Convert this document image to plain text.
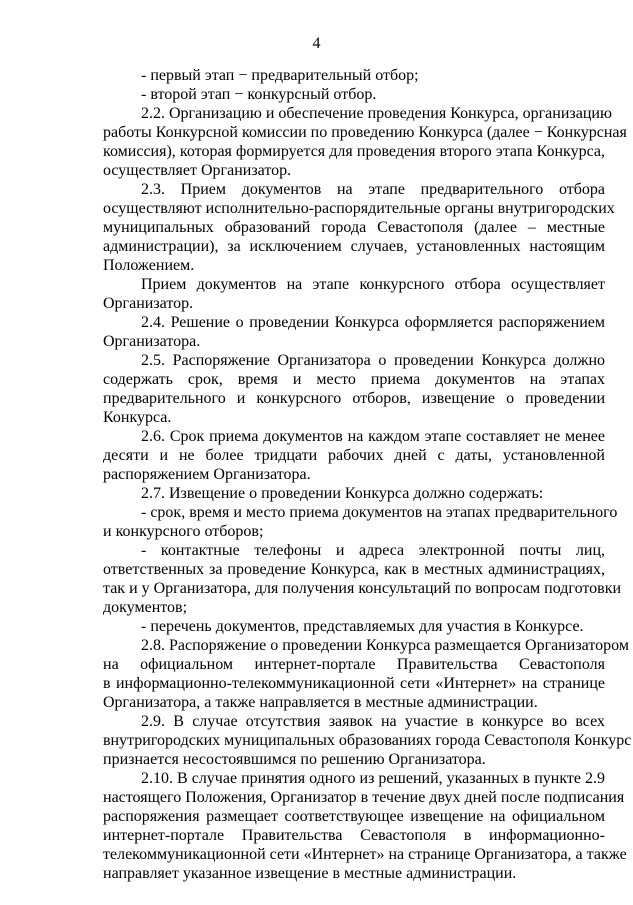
4
- первый этап − предварительный отбор;
- второй этап − конкурсный отбор.
2.2. Организацию и обеспечение проведения Конкурса, организацию
работы Конкурсной комиссии по проведению Конкурса (далее − Конкурсная
комиссия), которая формируется для проведения второго этапа Конкурса,
осуществляет Организатор.
2.3. Прием документов на этапе предварительного отбора
осуществляют исполнительно-распорядительные органы внутригородских
муниципальных образований города Севастополя (далее – местные
администрации), за исключением случаев, установленных настоящим
Положением.
Прием документов на этапе конкурсного отбора осуществляет
Организатор.
2.4. Решение о проведении Конкурса оформляется распоряжением
Организатора.
2.5. Распоряжение Организатора о проведении Конкурса должно
содержать срок, время и место приема документов на этапах
предварительного и конкурсного отборов, извещение о проведении
Конкурса.
2.6. Срок приема документов на каждом этапе составляет не менее
десяти и не более тридцати рабочих дней с даты, установленной
распоряжением Организатора.
2.7. Извещение о проведении Конкурса должно содержать:
- срок, время и место приема документов на этапах предварительного
и конкурсного отборов;
- контактные телефоны и адреса электронной почты лиц,
ответственных за проведение Конкурса, как в местных администрациях,
так и у Организатора, для получения консультаций по вопросам подготовки
документов;
- перечень документов, представляемых для участия в Конкурсе.
2.8. Распоряжение о проведении Конкурса размещается Организатором
на официальном интернет-портале Правительства Севастополя
в информационно-телекоммуникационной сети «Интернет» на странице
Организатора, а также направляется в местные администрации.
2.9. В случае отсутствия заявок на участие в конкурсе во всех
внутригородских муниципальных образованиях города Севастополя Конкурс
признается несостоявшимся по решению Организатора.
2.10. В случае принятия одного из решений, указанных в пункте 2.9
настоящего Положения, Организатор в течение двух дней после подписания
распоряжения размещает соответствующее извещение на официальном
интернет-портале Правительства Севастополя в информационно-
телекоммуникационной сети «Интернет» на странице Организатора, а также
направляет указанное извещение в местные администрации.
